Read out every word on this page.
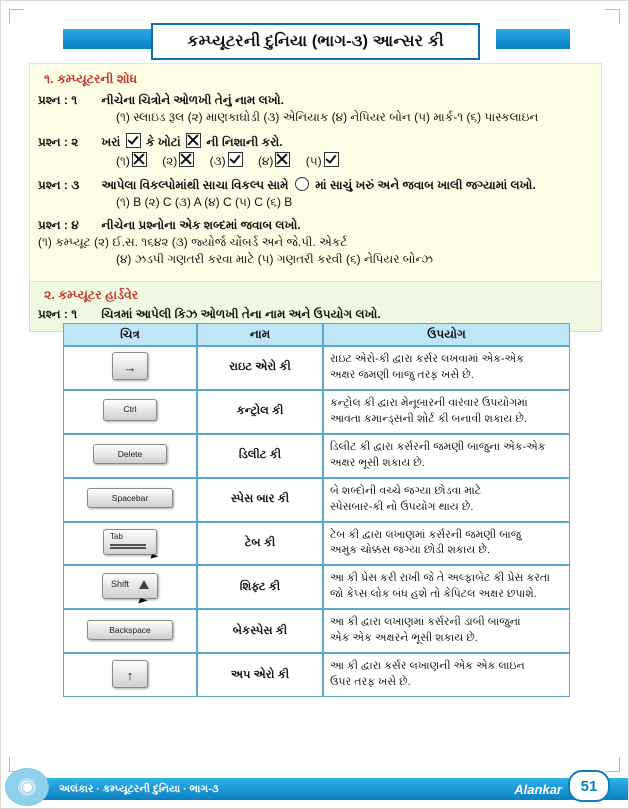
કમ્પ્યૂટરની દુનિયા (ભાગ-૩) આન્સર કી
૧. કમ્પ્યૂટરની શોધ
પ્રશ્ન : ૧ નીચેના ચિત્રોને ઓળખી તેનું નામ લખો.
(૧) સ્લાઇડ રૂલ (૨) માણકાઘોડી (૩) એનિયાક (૪) નેપિયર બોન (૫) માર્ક-૧ (૬) પાસ્કલાઇન
પ્રશ્ન : ૨ ખરાં કે ખોટાં ની નિશાની કરો.
(૧)	(૨)	(૩)	(૪)	(૫)
પ્રશ્ન : ૩ આપેલા વિકલ્પોમાંથી સાચા વિકલ્પ સામે માં સાચું ખરું અને જવાબ ખાલી જગ્યામાં લખો.
(૧) B (૨) C (૩) A (૪) C (૫) C (૬) B
પ્રશ્ન : ૪ નીચેના પ્રશ્નોના એક શબ્દમાં જવાબ લખો.
(૧) કમ્પ્યૂટ (૨) ઈ.સ. ૧૬૪૨ (૩) જ્યોર્જ ચોંબર્ડ અને જે.પી. એકર્ટ
(૪) ઝડપી ગણતરી કરવા માટે (૫) ગણતરી કરવી (૬) નેપિયર બોન્ઝ
૨. કમ્પ્યૂટર હાર્ડવેર
પ્રશ્ન : ૧ ચિત્રમાં આપેલી કિઝ ઓળખી તેના નામ અને ઉપયોગ લખો.
ચિત્ર	નામ	ઉપયોગ

→	રાઇટ એરો કી	રાઇટ એરો-કી દ્વારા કર્સર લખવામાં એક-એક
અક્ષર જમણી બાજુ તરફ ખસે છે.

Ctrl	કન્ટ્રોલ કી	કન્ટ્રોલ કી દ્વારા મેનૂબારની વારંવાર ઉપયોગમાં
આવતા કમાન્ડ્સની શોર્ટ કી બનાવી શકાય છે.

Delete	ડિલીટ કી	ડિલીટ કી દ્વારા કર્સરની જમણી બાજુના એક-એક
અક્ષર ભૂસી શકાય છે.

Spacebar	સ્પેસ બાર કી	બે શબ્દોની વચ્ચે જગ્યા છોડવા માટે
સ્પેસબાર-કી નો ઉપયોગ થાય છે.

Tab	ટેબ કી	ટેબ કી દ્વારા લખાણમાં કર્સરની જમણી બાજુ
અમુક ચોક્કસ જગ્યા છોડી શકાય છે.

Shift	શિફ્ટ કી	આ કી પ્રેસ કરી રાખી જે તે અલ્ફાબેટ કી પ્રેસ કરતા
જો કેપ્સ લોક બંધ હશે તો કેપિટલ અક્ષર છપાશે.

Backspace	બેકસ્પેસ કી	આ કી દ્વારા લખાણમાં કર્સરની ડાબી બાજુનાં
એક એક અક્ષરને ભૂસી શકાય છે.

↑	અપ એરો કી	આ કી દ્વારા કર્સર લખાણની એક એક લાઇન
ઉપર તરફ ખસે છે.
અલંકાર · કમ્પ્યૂટરની દુનિયા · ભાગ-૩	Alankar	51
